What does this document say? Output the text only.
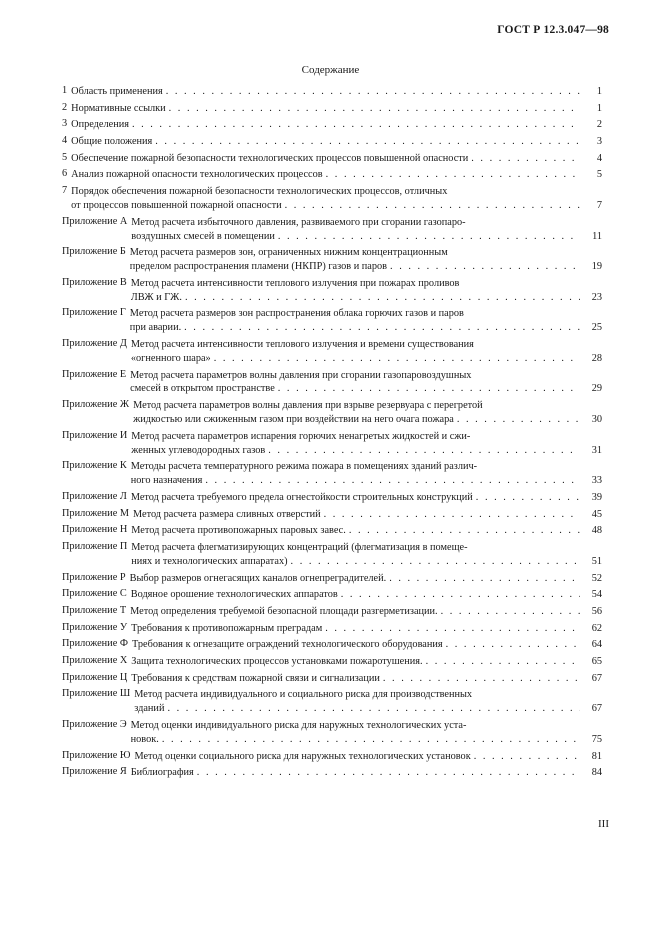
ГОСТ Р 12.3.047—98
Содержание
1 Область применения . . .	1
2 Нормативные ссылки . . .	1
3 Определения . . .	2
4 Общие положения . . .	3
5 Обеспечение пожарной безопасности технологических процессов повышенной опасности . . .	4
6 Анализ пожарной опасности технологических процессов . . .	5
7 Порядок обеспечения пожарной безопасности технологических процессов, отличных
от процессов повышенной пожарной опасности . . .	7
Приложение А Метод расчета избыточного давления, развиваемого при сгорании газопаро-
воздушных смесей в помещении . . .	11
Приложение Б Метод расчета размеров зон, ограниченных нижним концентрационным
пределом распространения пламени (НКПР) газов и паров . . .	19
Приложение В Метод расчета интенсивности теплового излучения при пожарах проливов
ЛВЖ и ГЖ. . . .	23
Приложение Г Метод расчета размеров зон распространения облака горючих газов и паров
при аварии. . . .	25
Приложение Д Метод расчета интенсивности теплового излучения и времени существования
«огненного шара» . . .	28
Приложение Е Метод расчета параметров волны давления при сгорании газопаровоздушных
смесей в открытом пространстве . . .	29
Приложение Ж Метод расчета параметров волны давления при взрыве резервуара с перегретой
жидкостью или сжиженным газом при воздействии на него очага пожара . . .	30
Приложение И Метод расчета параметров испарения горючих ненагретых жидкостей и сжи-
женных углеводородных газов . . .	31
Приложение К Методы расчета температурного режима пожара в помещениях зданий различ-
ного назначения . . .	33
Приложение Л Метод расчета требуемого предела огнестойкости строительных конструкций . . .	39
Приложение М Метод расчета размера сливных отверстий . . .	45
Приложение Н Метод расчета противопожарных паровых завес. . . .	48
Приложение П Метод расчета флегматизирующих концентраций (флегматизация в помеще-
ниях и технологических аппаратах) . . .	51
Приложение Р Выбор размеров огнегасящих каналов огнепреградителей. . . .	52
Приложение С Водяное орошение технологических аппаратов . . .	54
Приложение Т Метод определения требуемой безопасной площади разгерметизации. . . .	56
Приложение У Требования к противопожарным преградам . . .	62
Приложение Ф Требования к огнезащите ограждений технологического оборудования . . .	64
Приложение Х Защита технологических процессов установками пожаротушения. . . .	65
Приложение Ц Требования к средствам пожарной связи и сигнализации . . .	67
Приложение Ш Метод расчета индивидуального и социального риска для производственных
зданий . . .	67
Приложение Э Метод оценки индивидуального риска для наружных технологических уста-
новок. . . .	75
Приложение Ю Метод оценки социального риска для наружных технологических установок . . .	81
Приложение Я Библиография . . .	84
III
